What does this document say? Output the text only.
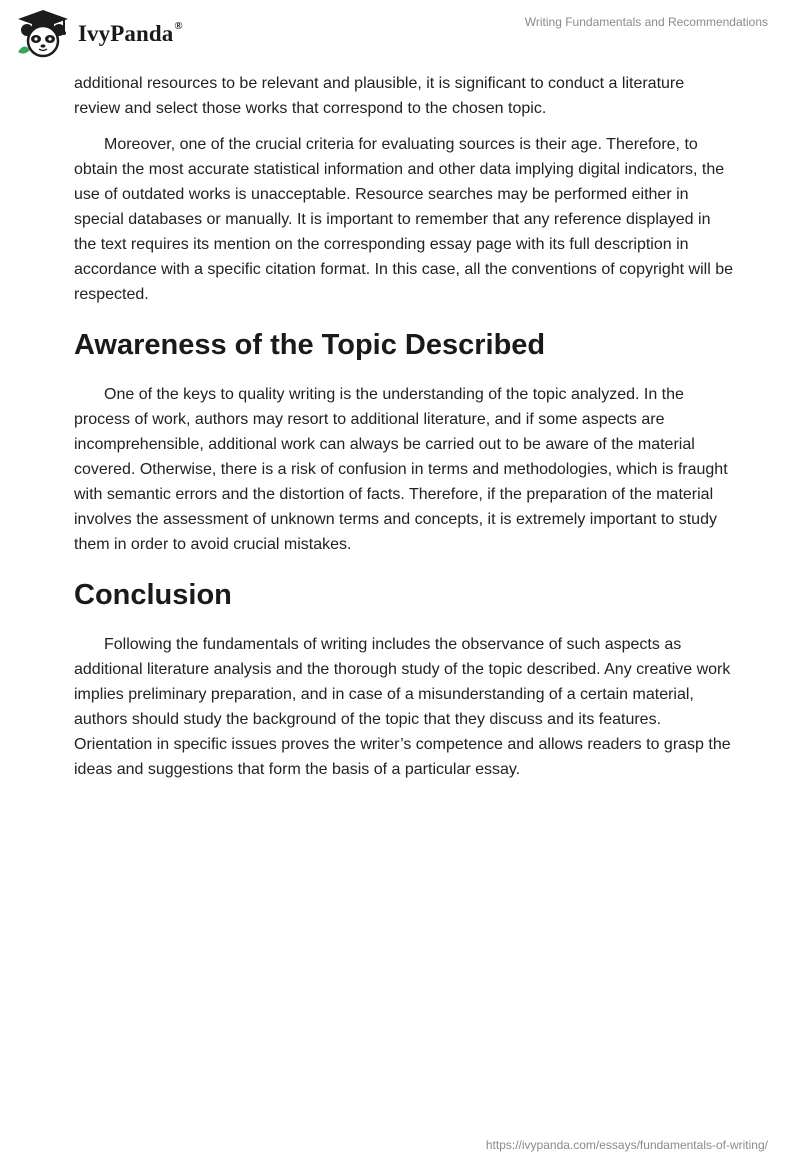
IvyPanda®	Writing Fundamentals and Recommendations

additional resources to be relevant and plausible, it is significant to conduct a literature review and select those works that correspond to the chosen topic.

Moreover, one of the crucial criteria for evaluating sources is their age. Therefore, to obtain the most accurate statistical information and other data implying digital indicators, the use of outdated works is unacceptable. Resource searches may be performed either in special databases or manually. It is important to remember that any reference displayed in the text requires its mention on the corresponding essay page with its full description in accordance with a specific citation format. In this case, all the conventions of copyright will be respected.

Awareness of the Topic Described

One of the keys to quality writing is the understanding of the topic analyzed. In the process of work, authors may resort to additional literature, and if some aspects are incomprehensible, additional work can always be carried out to be aware of the material covered. Otherwise, there is a risk of confusion in terms and methodologies, which is fraught with semantic errors and the distortion of facts. Therefore, if the preparation of the material involves the assessment of unknown terms and concepts, it is extremely important to study them in order to avoid crucial mistakes.

Conclusion

Following the fundamentals of writing includes the observance of such aspects as additional literature analysis and the thorough study of the topic described. Any creative work implies preliminary preparation, and in case of a misunderstanding of a certain material, authors should study the background of the topic that they discuss and its features. Orientation in specific issues proves the writer’s competence and allows readers to grasp the ideas and suggestions that form the basis of a particular essay.

https://ivypanda.com/essays/fundamentals-of-writing/
